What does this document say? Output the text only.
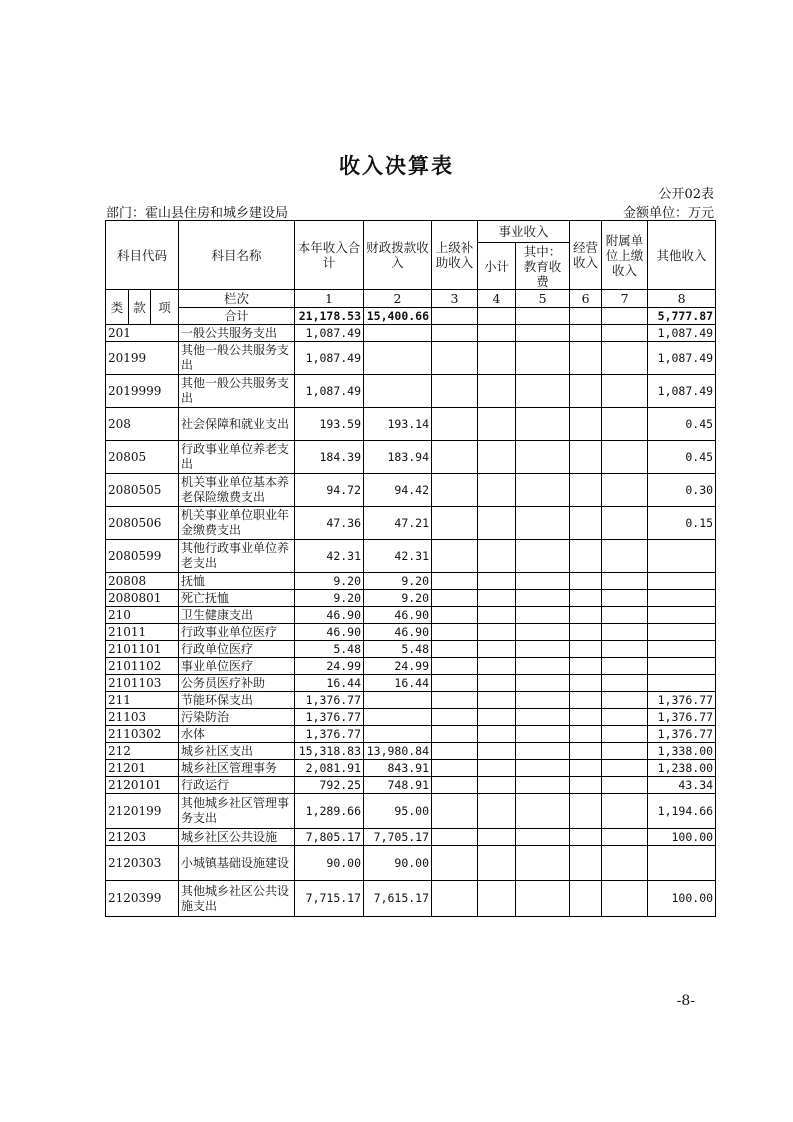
收入决算表
公开02表
部门：霍山县住房和城乡建设局	金额单位：万元
科目代码			科目名称	本年收入合计	财政拨款收入	上级补助收入	事业收入		经营收入	附属单位上缴收入	其他收入
							小计	其中：教育收费			
类	款	项	栏次	1	2	3	4	5	6	7	8
			合计	21,178.53	15,400.66						5,777.87
201			一般公共服务支出	1,087.49							1,087.49
20199			其他一般公共服务支出	1,087.49							1,087.49
2019999			其他一般公共服务支出	1,087.49							1,087.49
208			社会保障和就业支出	193.59	193.14						0.45
20805			行政事业单位养老支出	184.39	183.94						0.45
2080505			机关事业单位基本养老保险缴费支出	94.72	94.42						0.30
2080506			机关事业单位职业年金缴费支出	47.36	47.21						0.15
2080599			其他行政事业单位养老支出	42.31	42.31						
20808			抚恤	9.20	9.20						
2080801			死亡抚恤	9.20	9.20						
210			卫生健康支出	46.90	46.90						
21011			行政事业单位医疗	46.90	46.90						
2101101			行政单位医疗	5.48	5.48						
2101102			事业单位医疗	24.99	24.99						
2101103			公务员医疗补助	16.44	16.44						
211			节能环保支出	1,376.77							1,376.77
21103			污染防治	1,376.77							1,376.77
2110302			水体	1,376.77							1,376.77
212			城乡社区支出	15,318.83	13,980.84						1,338.00
21201			城乡社区管理事务	2,081.91	843.91						1,238.00
2120101			行政运行	792.25	748.91						43.34
2120199			其他城乡社区管理事务支出	1,289.66	95.00						1,194.66
21203			城乡社区公共设施	7,805.17	7,705.17						100.00
2120303			小城镇基础设施建设	90.00	90.00						
2120399			其他城乡社区公共设施支出	7,715.17	7,615.17						100.00
-8-
